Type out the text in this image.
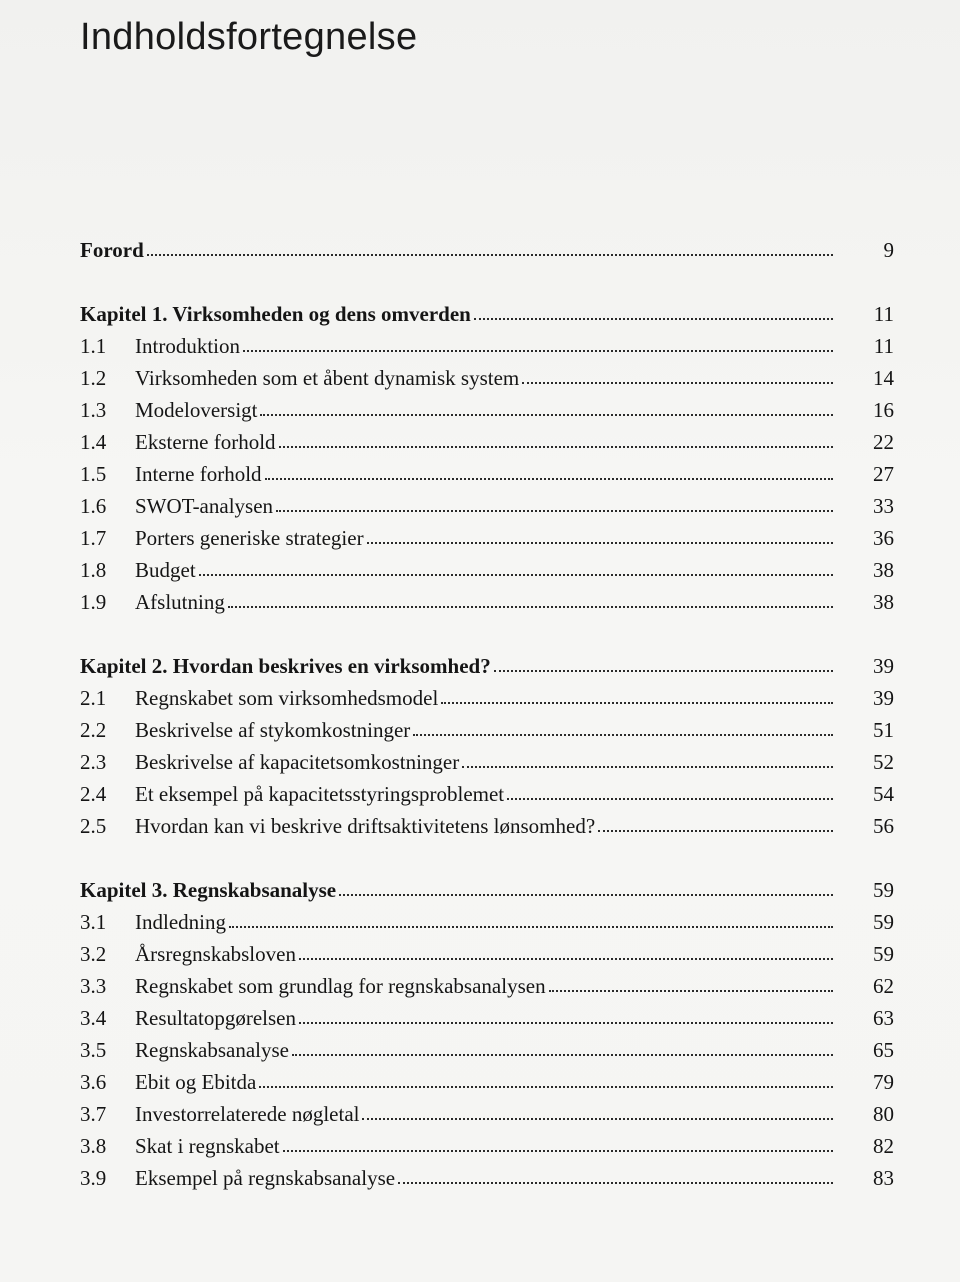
Indholdsfortegnelse
Forord	9
Kapitel 1. Virksomheden og dens omverden	11
1.1	Introduktion	11
1.2	Virksomheden som et åbent dynamisk system	14
1.3	Modeloversigt	16
1.4	Eksterne forhold	22
1.5	Interne forhold	27
1.6	SWOT-analysen	33
1.7	Porters generiske strategier	36
1.8	Budget	38
1.9	Afslutning	38
Kapitel 2. Hvordan beskrives en virksomhed?	39
2.1	Regnskabet som virksomhedsmodel	39
2.2	Beskrivelse af stykomkostninger	51
2.3	Beskrivelse af kapacitetsomkostninger	52
2.4	Et eksempel på kapacitetsstyringsproblemet	54
2.5	Hvordan kan vi beskrive driftsaktivitetens lønsomhed?	56
Kapitel 3. Regnskabsanalyse	59
3.1	Indledning	59
3.2	Årsregnskabsloven	59
3.3	Regnskabet som grundlag for regnskabsanalysen	62
3.4	Resultatopgørelsen	63
3.5	Regnskabsanalyse	65
3.6	Ebit og Ebitda	79
3.7	Investorrelaterede nøgletal	80
3.8	Skat i regnskabet	82
3.9	Eksempel på regnskabsanalyse	83
